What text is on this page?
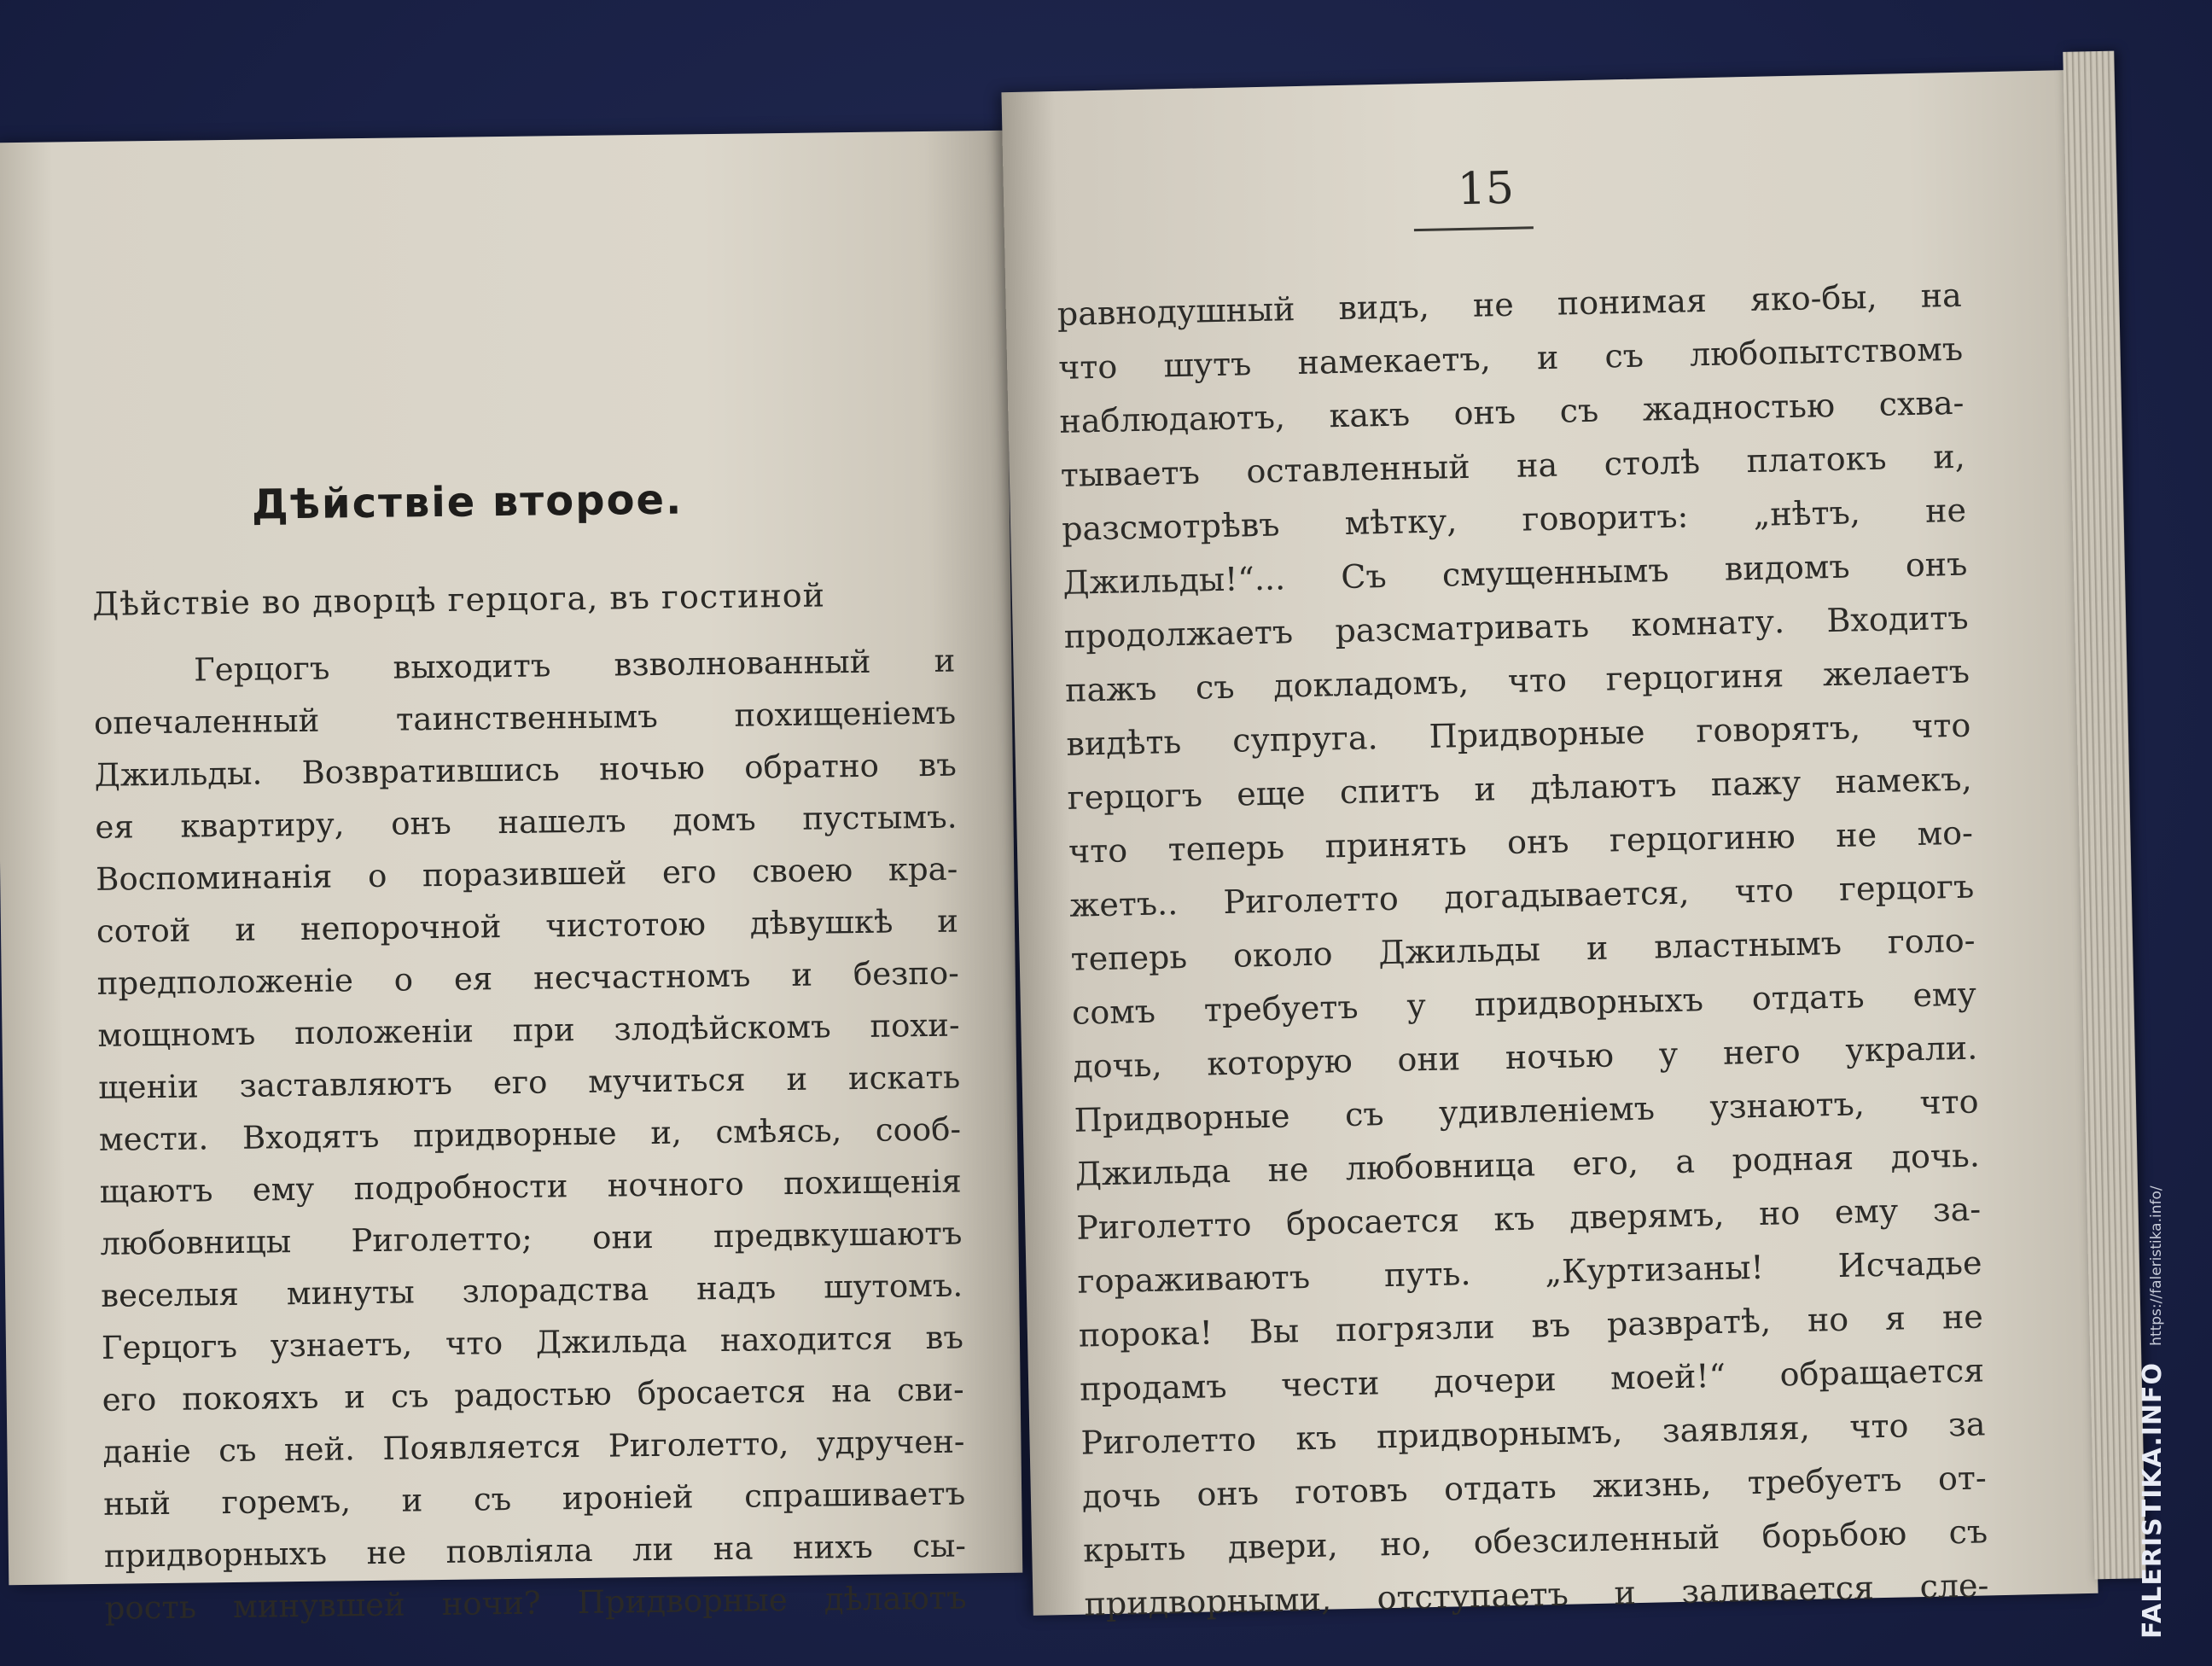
Дѣйствiе второе.
Дѣйствiе во дворцѣ герцога, въ гостиной
Герцогъ выходитъ взволнованный и
опечаленный таинственнымъ похищенiемъ
Джильды. Возвратившись ночью обратно въ
ея квартиру, онъ нашелъ домъ пустымъ.
Воспоминанiя о поразившей его своею кра-
сотой и непорочной чистотою дѣвушкѣ и
предположенiе о ея несчастномъ и безпо-
мощномъ положенiи при злодѣйскомъ похи-
щенiи заставляютъ его мучиться и искать
мести. Входятъ придворные и, смѣясь, сооб-
щаютъ ему подробности ночного похищенiя
любовницы Риголетто; они предвкушаютъ
веселыя минуты злорадства надъ шутомъ.
Герцогъ узнаетъ, что Джильда находится въ
его покояхъ и съ радостью бросается на сви-
данiе съ ней. Появляется Риголетто, удручен-
ный горемъ, и съ иронiей спрашиваетъ
придворныхъ не повлiяла ли на нихъ сы-
рость минувшей ночи? Придворные дѣлаютъ
15
равнодушный видъ, не понимая яко-бы, на
что шутъ намекаетъ, и съ любопытствомъ
наблюдаютъ, какъ онъ съ жадностью схва-
тываетъ оставленный на столѣ платокъ и,
разсмотрѣвъ мѣтку, говоритъ: „нѣтъ, не
Джильды!“... Съ смущеннымъ видомъ онъ
продолжаетъ разсматривать комнату. Входитъ
пажъ съ докладомъ, что герцогиня желаетъ
видѣть супруга. Придворные говорятъ, что
герцогъ еще спитъ и дѣлаютъ пажу намекъ,
что теперь принять онъ герцогиню не мо-
жетъ.. Риголетто догадывается, что герцогъ
теперь около Джильды и властнымъ голо-
сомъ требуетъ у придворныхъ отдать ему
дочь, которую они ночью у него украли.
Придворные съ удивленiемъ узнаютъ, что
Джильда не любовница его, а родная дочь.
Риголетто бросается къ дверямъ, но ему за-
гораживаютъ путь. „Куртизаны! Исчадье
порока! Вы погрязли въ развратѣ, но я не
продамъ чести дочери моей!“ обращается
Риголетто къ придворнымъ, заявляя, что за
дочь онъ готовъ отдать жизнь, требуетъ от-
крыть двери, но, обезсиленный борьбою съ
придворными, отступаетъ и заливается сле-	FALERISTIKA.INFO https://faleristika.info/
